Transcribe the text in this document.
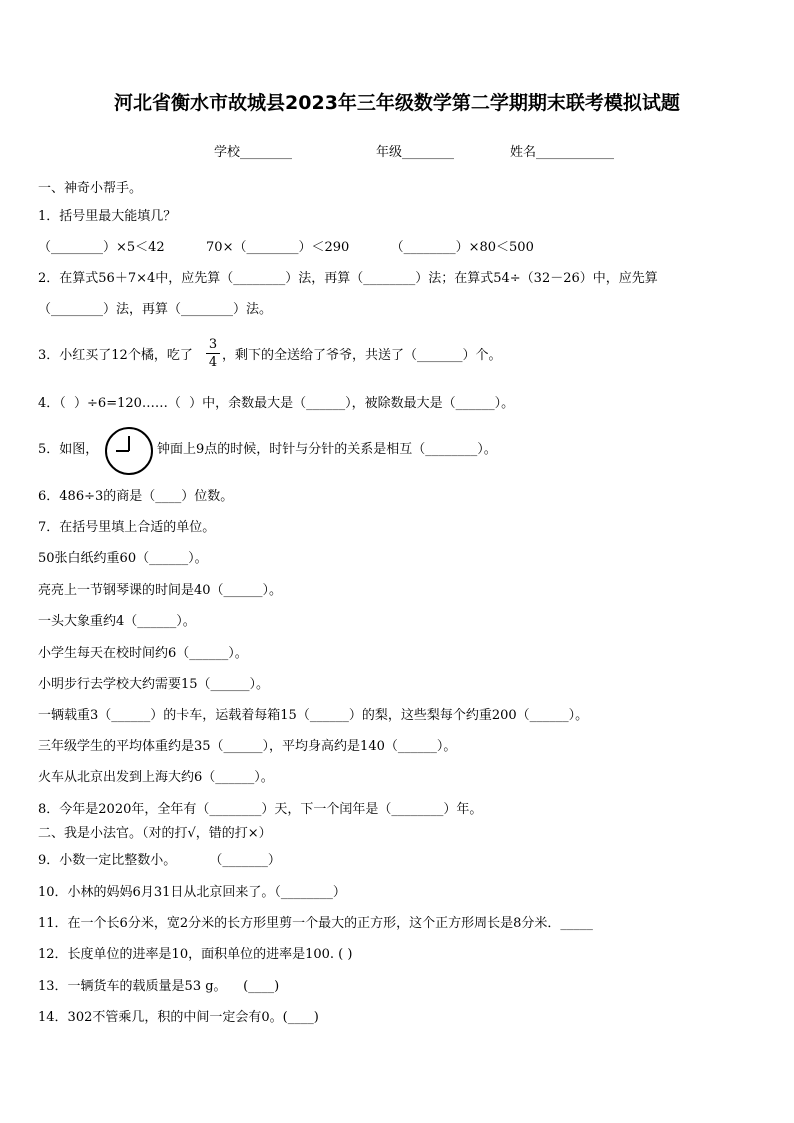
河北省衡水市故城县2023年三年级数学第二学期期末联考模拟试题
学校________	年级________	姓名____________
一、神奇小帮手。
1．括号里最大能填几？
（________）×5＜42          70×（________）＜290          （________）×80＜500
2．在算式56＋7×4中，应先算（________）法，再算（________）法；在算式54÷（32－26）中，应先算
（________）法，再算（________）法。
3．小红买了12个橘，吃了
3
4 ，剩下的全送给了爷爷，共送了（_______）个。
4．（  ）÷6=120……（  ）中，余数最大是（______），被除数最大是（______）。
5．如图，	钟面上9点的时候，时针与分针的关系是相互（________）。
6．486÷3的商是（____）位数。
7．在括号里填上合适的单位。
50张白纸约重60（______）。
亮亮上一节钢琴课的时间是40（______）。
一头大象重约4（______）。
小学生每天在校时间约6（______）。
小明步行去学校大约需要15（______）。
一辆载重3（______）的卡车，运载着每箱15（______）的梨，这些梨每个约重200（______）。
三年级学生的平均体重约是35（______），平均身高约是140（______）。
火车从北京出发到上海大约6（______）。
8．今年是2020年，全年有（________）天，下一个闰年是（________）年。
二、我是小法官。（对的打√，错的打×）
9．小数一定比整数小。        （_______）
10．小林的妈妈6月31日从北京回来了。（________）
11．在一个长6分米，宽2分米的长方形里剪一个最大的正方形，这个正方形周长是8分米．_____
12．长度单位的进率是10，面积单位的进率是100. ( )
13．一辆货车的载质量是53 g。    (____)
14．302不管乘几，积的中间一定会有0。(____)
